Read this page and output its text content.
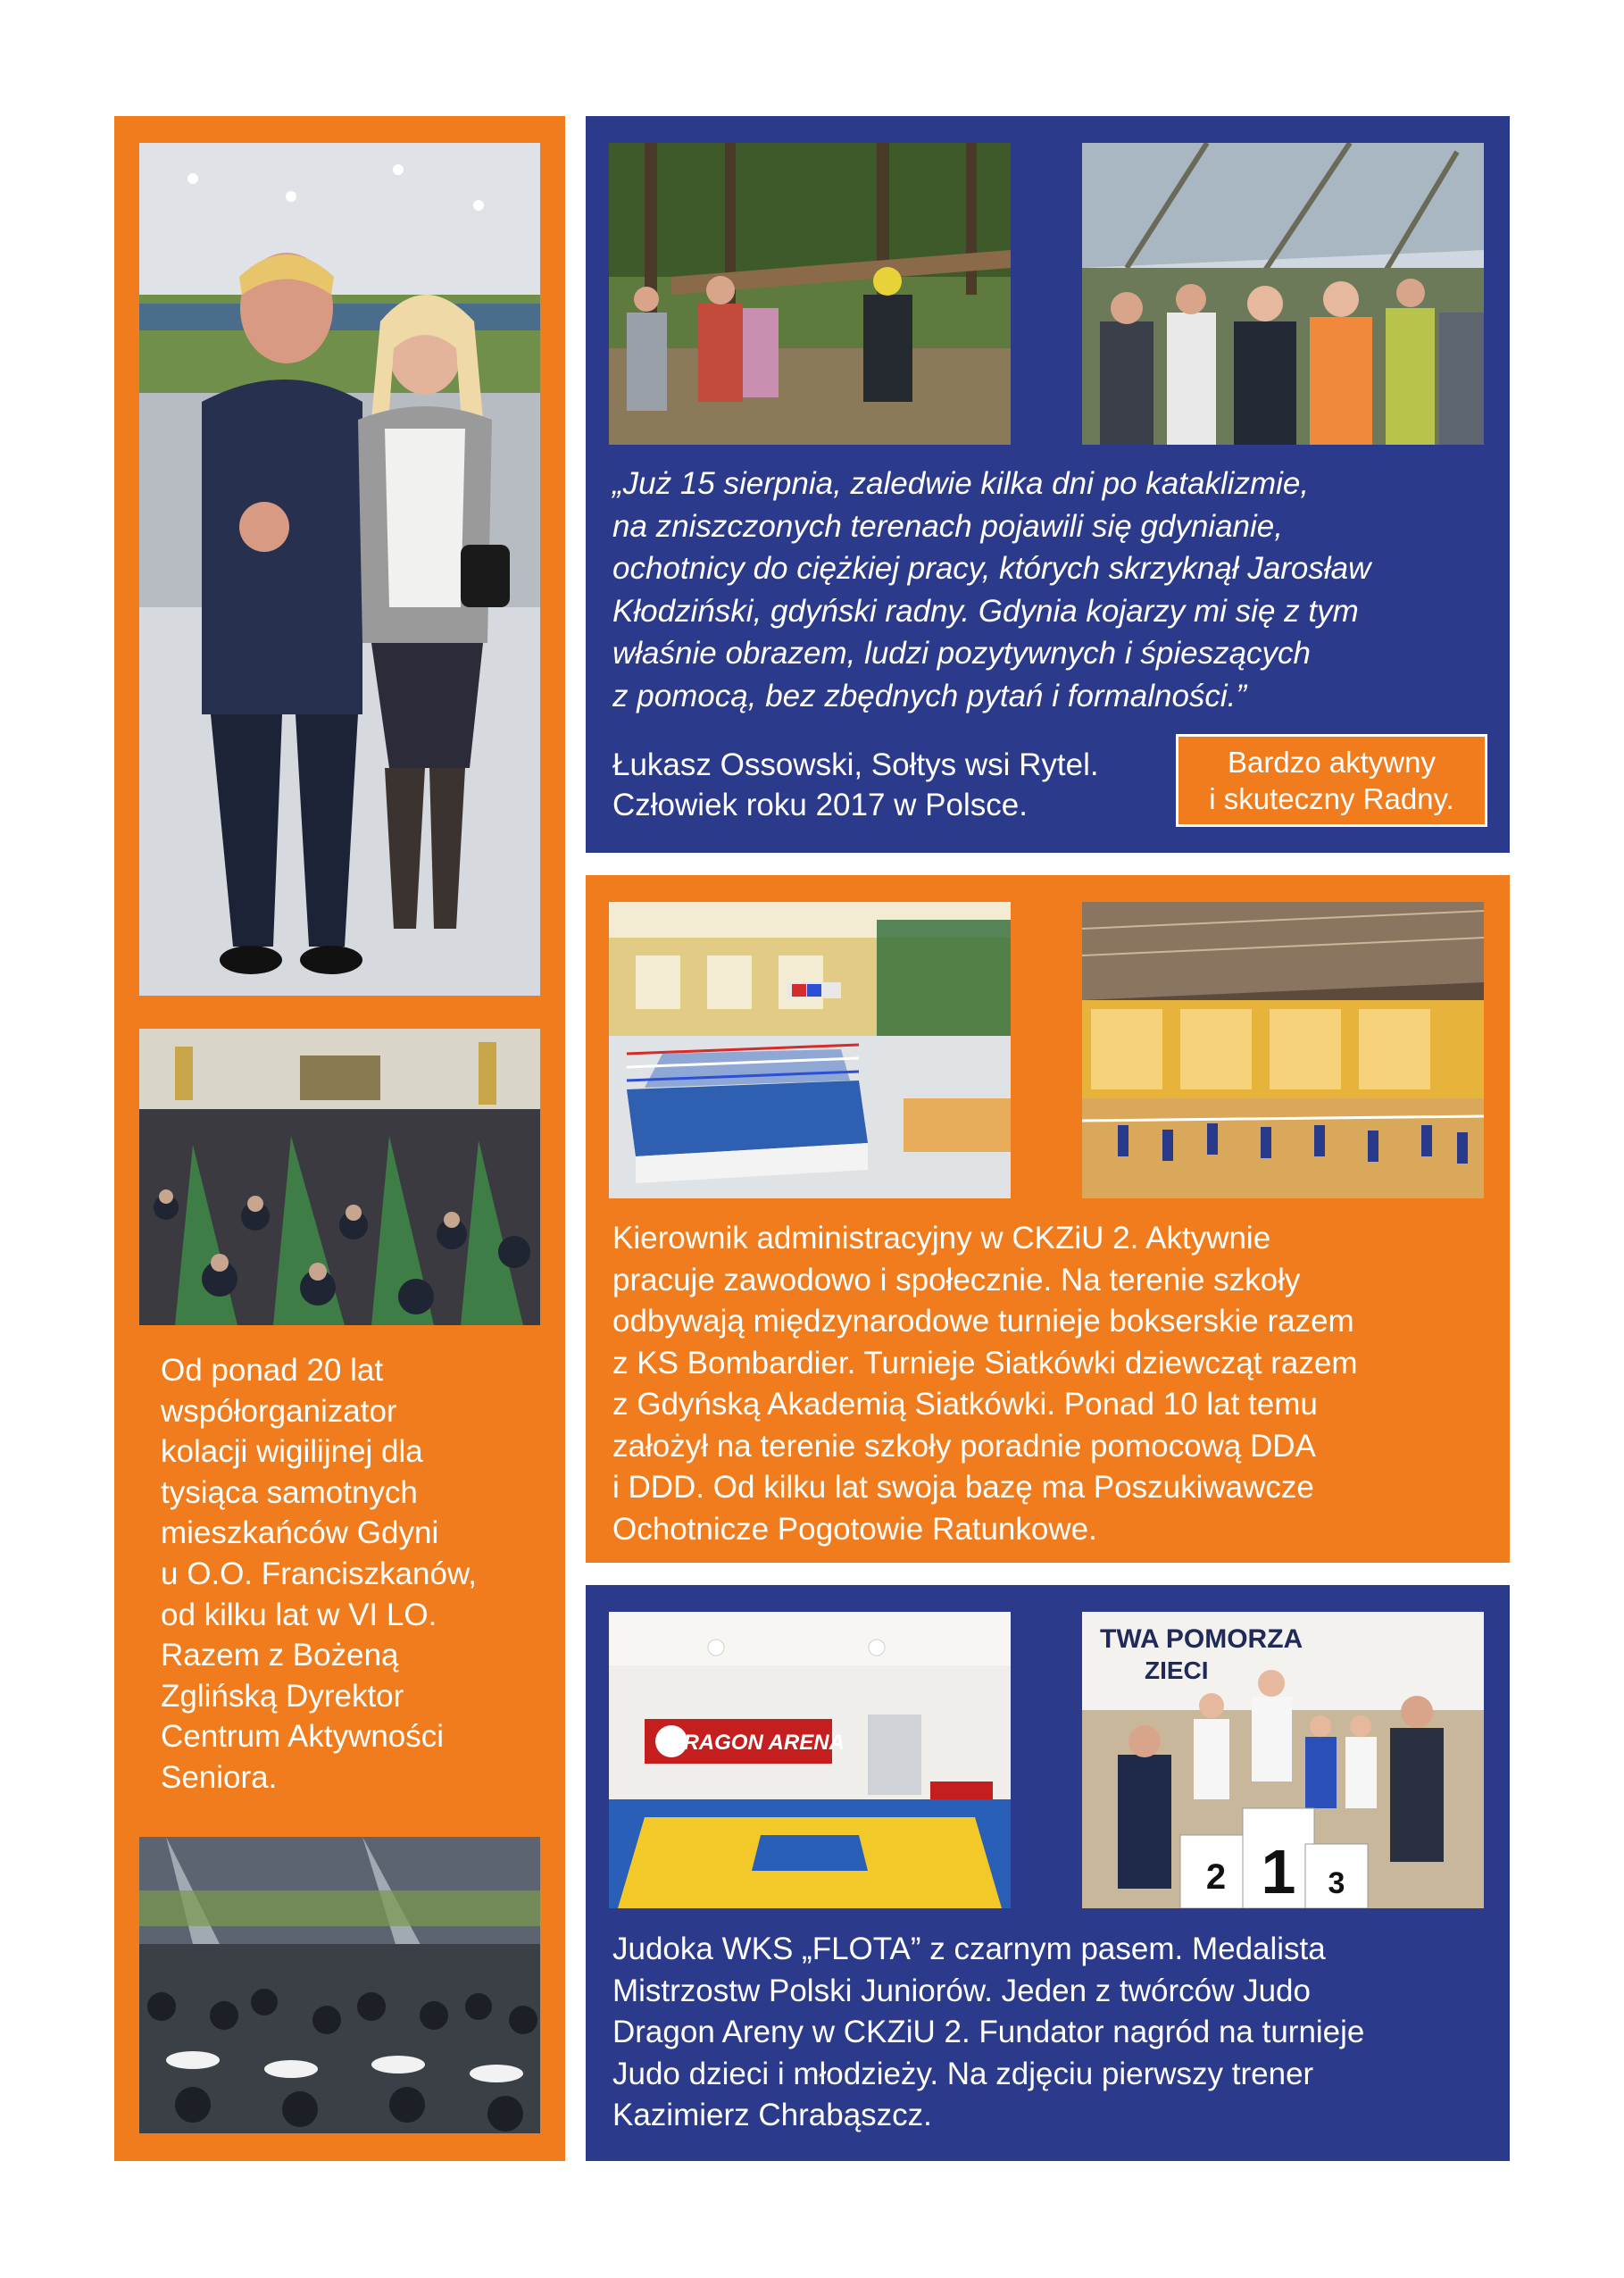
Od ponad 20 lat
współorganizator
kolacji wigilijnej dla
tysiąca samotnych
mieszkańców Gdyni
u O.O. Franciszkanów,
od kilku lat w VI LO.
Razem z Bożeną
Zglińską Dyrektor
Centrum Aktywności
Seniora.
„Już 15 sierpnia, zaledwie kilka dni po kataklizmie,
na zniszczonych terenach pojawili się gdynianie,
ochotnicy do ciężkiej pracy, których skrzyknął Jarosław
Kłodziński, gdyński radny. Gdynia kojarzy mi się z tym
właśnie obrazem, ludzi pozytywnych i śpieszących
z pomocą, bez zbędnych pytań i formalności.”
Łukasz Ossowski, Sołtys wsi Rytel.
Człowiek roku 2017 w Polsce.
Bardzo aktywny
i skuteczny Radny.
Kierownik administracyjny w CKZiU 2. Aktywnie
pracuje zawodowo i społecznie. Na terenie szkoły
odbywają międzynarodowe turnieje bokserskie razem
z KS Bombardier. Turnieje Siatkówki dziewcząt razem
z Gdyńską Akademią Siatkówki. Ponad 10 lat temu
założył na terenie szkoły poradnie pomocową DDA
i DDD. Od kilku lat swoja bazę ma Poszukiwawcze
Ochotnicze Pogotowie Ratunkowe.
DRAGON ARENA
TWA POMORZA
ZIECI
2 1 3
Judoka WKS „FLOTA” z czarnym pasem. Medalista
Mistrzostw Polski Juniorów. Jeden z twórców Judo
Dragon Areny w CKZiU 2. Fundator nagród na turnieje
Judo dzieci i młodzieży. Na zdjęciu pierwszy trener
Kazimierz Chrabąszcz.
